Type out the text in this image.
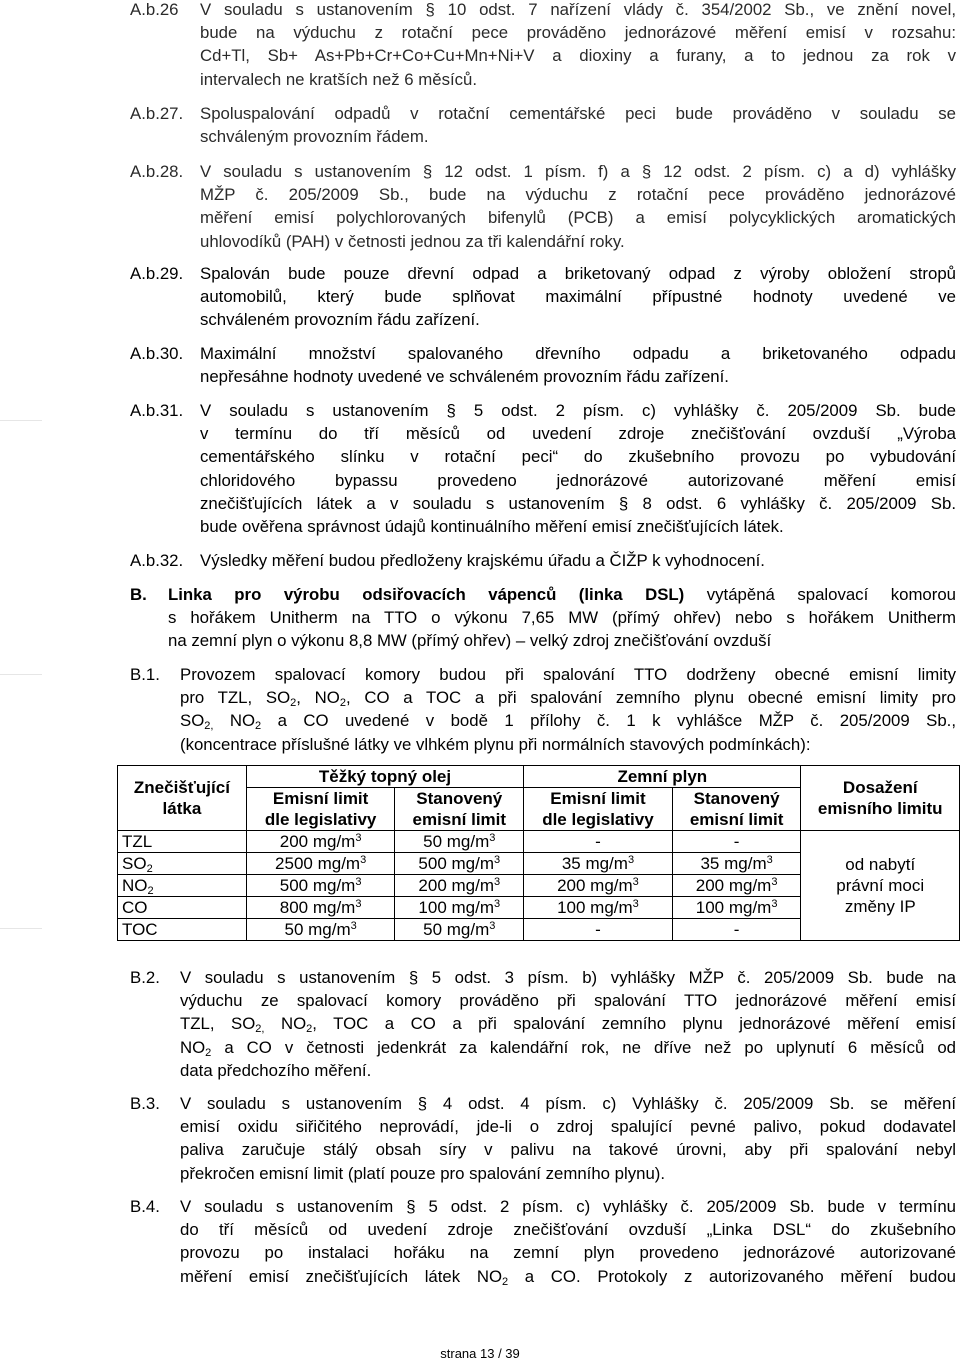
A.b.26 V souladu s ustanovením § 10 odst. 7 nařízení vlády č. 354/2002 Sb., ve znění novel,
bude na výduchu z rotační pece prováděno jednorázové měření emisí v rozsahu:
Cd+Tl, Sb+ As+Pb+Cr+Co+Cu+Mn+Ni+V a dioxiny a furany, a to jednou za rok v
intervalech ne kratších než 6 měsíců.
A.b.27. Spoluspalování odpadů v rotační cementářské peci bude prováděno v souladu se
schváleným provozním řádem.
A.b.28. V souladu s ustanovením § 12 odst. 1 písm. f) a § 12 odst. 2 písm. c) a d) vyhlášky
MŽP č. 205/2009 Sb., bude na výduchu z rotační pece prováděno jednorázové
měření emisí polychlorovaných bifenylů (PCB) a emisí polycyklických aromatických
uhlovodíků (PAH) v četnosti jednou za tři kalendářní roky.
A.b.29. Spalován bude pouze dřevní odpad a briketovaný odpad z výroby obložení stropů
automobilů, který bude splňovat maximální přípustné hodnoty uvedené ve
schváleném provozním řádu zařízení.
A.b.30. Maximální množství spalovaného dřevního odpadu a briketovaného odpadu
nepřesáhne hodnoty uvedené ve schváleném provozním řádu zařízení.
A.b.31. V souladu s ustanovením § 5 odst. 2 písm. c) vyhlášky č. 205/2009 Sb. bude
v termínu do tří měsíců od uvedení zdroje znečišťování ovzduší „Výroba
cementářského slínku v rotační peci“ do zkušebního provozu po vybudování
chloridového bypassu provedeno jednorázové autorizované měření emisí
znečišťujících látek a v souladu s ustanovením § 8 odst. 6 vyhlášky č. 205/2009 Sb.
bude ověřena správnost údajů kontinuálního měření emisí znečišťujících látek.
A.b.32. Výsledky měření budou předloženy krajskému úřadu a ČIŽP k vyhodnocení.
B. Linka pro výrobu odsiřovacích vápenců (linka DSL) vytápěná spalovací komorou
s hořákem Unitherm na TTO o výkonu 7,65 MW (přímý ohřev) nebo s hořákem Unitherm
na zemní plyn o výkonu 8,8 MW (přímý ohřev) – velký zdroj znečišťování ovzduší
B.1. Provozem spalovací komory budou při spalování TTO dodrženy obecné emisní limity
pro TZL, $SO_2$, $NO_2$, CO a TOC a při spalování zemního plynu obecné emisní limity pro
$SO_{2,}$ $NO_2$ a CO uvedené v bodě 1 přílohy č. 1 k vyhlášce MŽP č. 205/2009 Sb.,
(koncentrace příslušné látky ve vlhkém plynu při normálních stavových podmínkách):
Znečišťující
látka	Těžký topný olej		Zemní plyn		Dosažení
emisního limitu
	Emisní limit
dle legislativy	Stanovený
emisní limit	Emisní limit
dle legislativy	Stanovený
emisní limit	
TZL	200 $mg/m^3$	50 $mg/m^3$	-	-	od nabytí
právní moci
změny IP
$SO_2$	2500 $mg/m^3$	500 $mg/m^3$	35 $mg/m^3$	35 $mg/m^3$
$NO_2$	500 $mg/m^3$	200 $mg/m^3$	200 $mg/m^3$	200 $mg/m^3$
CO	800 $mg/m^3$	100 $mg/m^3$	100 $mg/m^3$	100 $mg/m^3$
TOC	50 $mg/m^3$	50 $mg/m^3$	-	-	
B.2. V souladu s ustanovením § 5 odst. 3 písm. b) vyhlášky MŽP č. 205/2009 Sb. bude na
výduchu ze spalovací komory prováděno při spalování TTO jednorázové měření emisí
TZL, $SO_{2,}$ $NO_2$, TOC a CO a při spalování zemního plynu jednorázové měření emisí
$NO_2$ a CO v četnosti jedenkrát za kalendářní rok, ne dříve než po uplynutí 6 měsíců od
data předchozího měření.
B.3. V souladu s ustanovením § 4 odst. 4 písm. c) Vyhlášky č. 205/2009 Sb. se měření
emisí oxidu siřičitého neprovádí, jde-li o zdroj spalující pevné palivo, pokud dodavatel
paliva zaručuje stálý obsah síry v palivu na takové úrovni, aby při spalování nebyl
překročen emisní limit (platí pouze pro spalování zemního plynu).
B.4. V souladu s ustanovením § 5 odst. 2 písm. c) vyhlášky č. 205/2009 Sb. bude v termínu
do tří měsíců od uvedení zdroje znečišťování ovzduší „Linka DSL“ do zkušebního
provozu po instalaci hořáku na zemní plyn provedeno jednorázové autorizované
měření emisí znečišťujících látek $NO_2$ a CO. Protokoly z autorizovaného měření budou
strana 13 / 39
